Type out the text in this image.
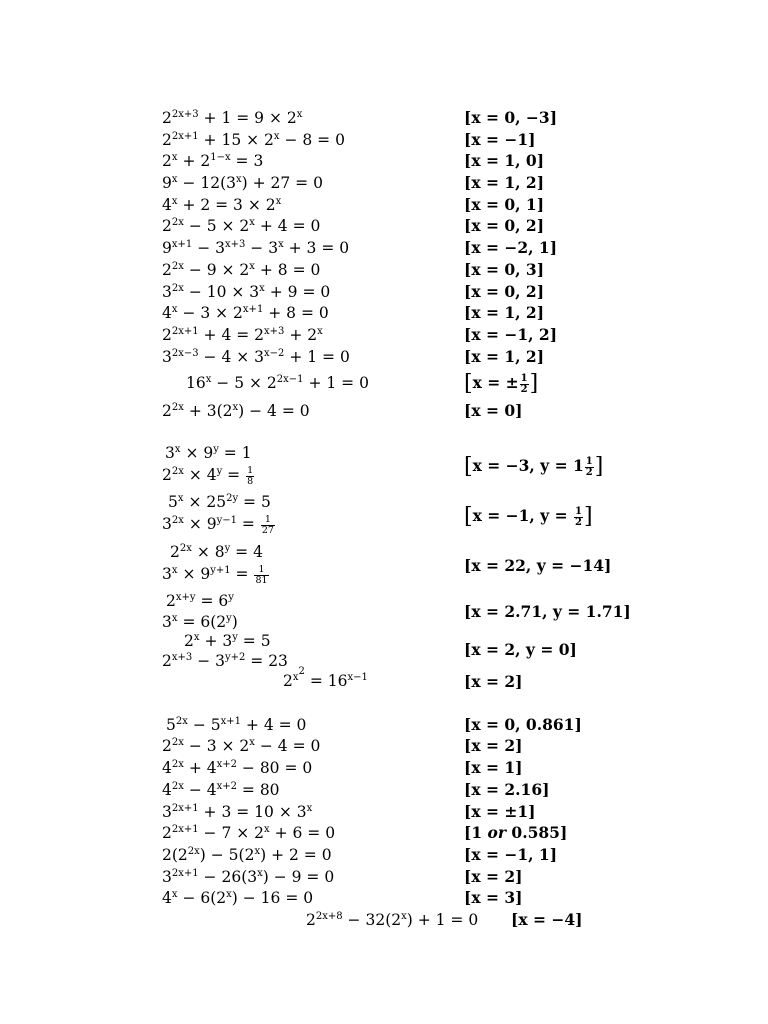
$2^{2x+3} + 1 = 9 \times 2^x$
$2^{2x+1} + 15 \times 2^x - 8 = 0$
$2^x + 2^{1-x} = 3$
$9^x - 12(3^x) + 27 = 0$
$4^x + 2 = 3 \times 2^x$
$2^{2x} - 5 \times 2^x + 4 = 0$
$9^{x+1} - 3^{x+3} - 3^x + 3 = 0$
$2^{2x} - 9 \times 2^x + 8 = 0$
$3^{2x} - 10 \times 3^x + 9 = 0$
$4^x - 3 \times 2^{x+1} + 8 = 0$
$2^{2x+1} + 4 = 2^{x+3} + 2^x$
$3^{2x-3} - 4 \times 3^{x-2} + 1 = 0$
$16^x - 5 \times 2^{2x-1} + 1 = 0$
$2^{2x} + 3(2^x) - 4 = 0$
[x = 0, −3]
[x = −1]
[x = 1, 0]
[x = 1, 2]
[x = 0, 1]
[x = 0, 2]
[x = −2, 1]
[x = 0, 3]
[x = 0, 2]
[x = 1, 2]
[x = −1, 2]
[x = 1, 2]
[x = ± $\frac{1}{2}$ ]
[x = 0]
$3^x \times 9^y = 1$
$2^{2x} \times 4^y = \frac{1}{8}$
$5^x \times 25^{2y} = 5$
$3^{2x} \times 9^{y-1} = \frac{1}{27}$
$2^{2x} \times 8^y = 4$
$3^x \times 9^{y+1} = \frac{1}{81}$
$2^{x+y} = 6^y$
$3^x = 6(2^y)$
$2^x + 3^y = 5$
$2^{x+3} - 3^{y+2} = 23$
$2^{x^2} = 16^{x-1}$
[x = −3, $y = 1 \frac{1}{2}$ ]
[x = −1, $y = \frac{1}{2}$ ]
[x = 22, y = −14]
[x = 2.71, y = 1.71]
[x = 2, y = 0]
[x = 2]
$5^{2x} - 5^{x+1} + 4 = 0$
$2^{2x} - 3 \times 2^x - 4 = 0$
$4^{2x} + 4^{x+2} - 80 = 0$
$4^{2x} - 4^{x+2} = 80$
$3^{2x+1} + 3 = 10 \times 3^x$
$2^{2x+1} - 7 \times 2^x + 6 = 0$
$2(2^{2x}) - 5(2^x) + 2 = 0$
$3^{2x+1} - 26(3^x) - 9 = 0$
$4^x - 6(2^x) - 16 = 0$
$2^{2x+8} - 32(2^x) + 1 = 0$
[x = 0, 0.861]
[x = 2]
[x = 1]
[x = 2.16]
[x = ±1]
[1 or 0.585]
[x = −1, 1]
[x = 2]
[x = 3]
[x = −4]
